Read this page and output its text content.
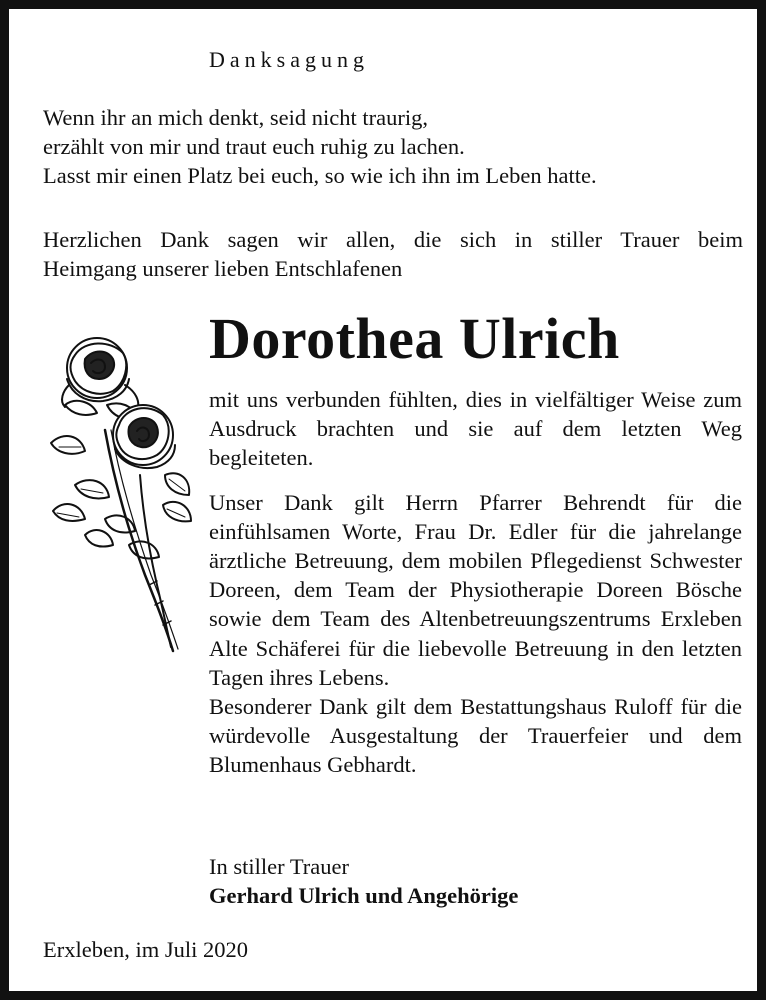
Danksagung
Wenn ihr an mich denkt, seid nicht traurig,
erzählt von mir und traut euch ruhig zu lachen.
Lasst mir einen Platz bei euch, so wie ich ihn im Leben hatte.

Herzlichen Dank sagen wir allen, die sich in stiller Trauer beim

Heimgang unserer lieben Entschlafenen

Dorothea Ulrich

mit uns verbunden fühlten, dies in vielfältiger Weise zum Ausdruck brachten und sie auf dem letzten Weg begleiteten.

Unser Dank gilt Herrn Pfarrer Behrendt für die einfühlsamen Worte, Frau Dr. Edler für die jahrelange ärztliche Betreuung, dem mobilen Pflegedienst Schwester Doreen, dem Team der Physiotherapie Doreen Bösche sowie dem Team des Altenbetreuungszentrums Erxleben Alte Schäferei für die liebevolle Betreuung in den letzten Tagen ihres Lebens.

Besonderer Dank gilt dem Bestattungshaus Ruloff für die würdevolle Ausgestaltung der Trauerfeier und dem Blumenhaus Gebhardt.

In stiller Trauer
Gerhard Ulrich und Angehörige
Erxleben, im Juli 2020
